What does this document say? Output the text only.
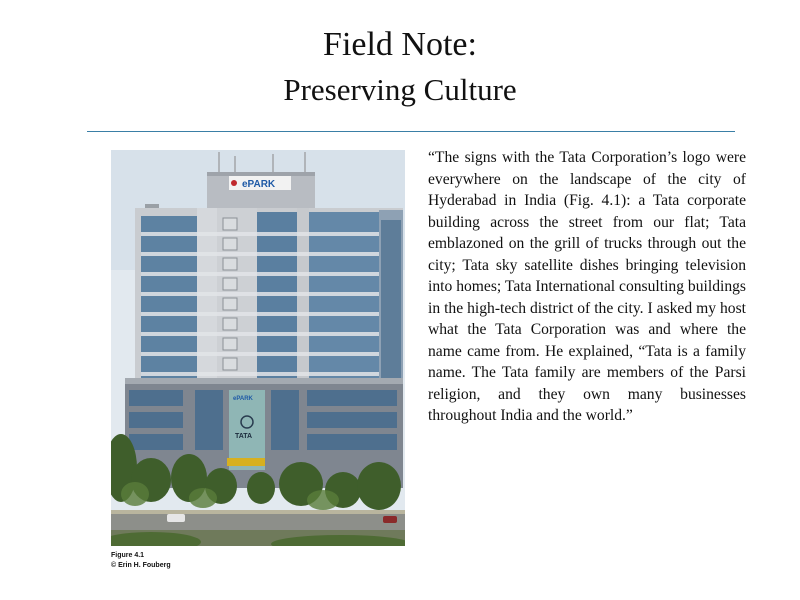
Field Note:
Preserving Culture
ePARK
ePARK
TATA
Figure 4.1
© Erin H. Fouberg

“The signs with the Tata Corporation’s logo were everywhere on the landscape of the city of Hyderabad in India (Fig. 4.1): a Tata corporate building across the street from our flat; Tata emblazoned on the grill of trucks through out the city; Tata sky satellite dishes bringing television into homes; Tata International consulting buildings in the high-tech district of the city. I asked my host what the Tata Corporation was and where the name came from. He explained, “Tata is a family name. The Tata family are members of the Parsi religion, and they own many businesses throughout India and the world.”
